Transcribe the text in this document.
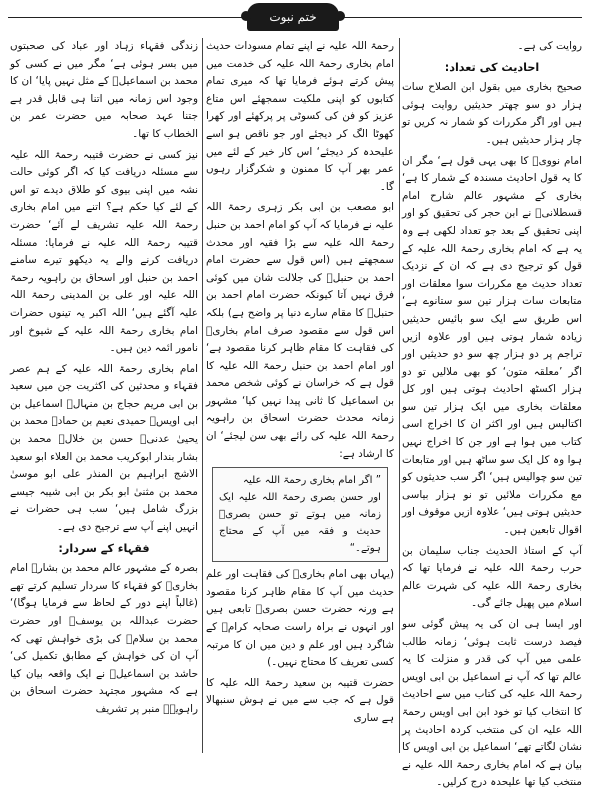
ختم نبوت

روایت کی ہے۔

احادیث کی تعداد:

صحیح بخاری میں بقول ابن الصلاح سات ہزار دو سو چھتر حدیثیں روایت ہوئی ہیں اور اگر مکررات کو شمار نہ کریں تو چار ہزار حدیثیں ہیں۔

امام نوویؒ کا بھی یہی قول ہے‘ مگر ان کا یہ قول احادیث مسندہ کے شمار کا ہے‘ بخاری کے مشہور عالم شارح امام قسطلانیؒ نے ابن حجر کی تحقیق کو اور اپنی تحقیق کے بعد جو تعداد لکھی ہے وہ یہ ہے کہ امام بخاری رحمۃ اللہ علیہ کے قول کو ترجیح دی ہے کہ ان کے نزدیک تعداد حدیث مع مکررات سوا معلقات اور متابعات سات ہزار تین سو ستانوے ہے‘ اس طریق سے ایک سو بائیس حدیثیں زیادہ شمار ہوتی ہیں اور علاوہ ازیں تراجم پر دو ہزار چھ سو دو حدیثیں اور اگر ’معلقہ متون‘ کو بھی ملالیں تو دو ہزار اکسٹھ احادیث ہوتی ہیں اور کل معلقات بخاری میں ایک ہزار تین سو اکتالیس ہیں اور اکثر ان کا اخراج اسی کتاب میں ہوا ہے اور جن کا اخراج نہیں ہوا وہ کل ایک سو ساٹھ ہیں اور متابعات تین سو چوالیس ہیں‘ اگر سب حدیثوں کو مع مکررات ملائیں تو نو ہزار بیاسی حدیثیں ہوتی ہیں‘ علاوہ ازیں موقوف اور اقوال تابعین ہیں۔

آپ کے استاذ الحدیث جناب سلیمان بن حرب رحمۃ اللہ علیہ نے فرمایا تھا کہ بخاری رحمۃ اللہ علیہ کی شہرت عالم اسلام میں پھیل جائے گی۔

اور ایسا ہی ان کی یہ پیش گوئی سو فیصد درست ثابت ہوئی‘ زمانہ طالب علمی میں آپ کی قدر و منزلت کا یہ عالم تھا کہ آپ نے اسماعیل بن ابی اویس رحمۃ اللہ علیہ کی کتاب میں سے احادیث کا انتخاب کیا تو خود ابن ابی اویس رحمۃ اللہ علیہ ان کی منتخب کردہ احادیث پر نشان لگاتے تھے‘ اسماعیل بن ابی اویس کا بیان ہے کہ امام بخاری رحمۃ اللہ علیہ نے منتخب کیا تھا علیحدہ درج کرلیں۔

رحمۃ اللہ علیہ نے اپنے تمام مسودات حدیث امام بخاری رحمۃ اللہ علیہ کی خدمت میں پیش کرتے ہوئے فرمایا تھا کہ میری تمام کتابوں کو اپنی ملکیت سمجھئے اس متاع عزیز کو فن کی کسوٹی پر پرکھئے اور کھرا کھوٹا الگ کر دیجئے اور جو ناقص ہو اسے علیحدہ کر دیجئے‘ اس کار خیر کے لئے میں عمر بھر آپ کا ممنون و شکرگزار رہوں گا۔

ابو مصعب بن ابی بکر زہری رحمۃ اللہ علیہ نے فرمایا کہ آپ کو امام احمد بن حنبل رحمۃ اللہ علیہ سے بڑا فقیہ اور محدث سمجھتے ہیں (اس قول سے حضرت امام احمد بن حنبلؒ کی جلالت شان میں کوئی فرق نہیں آتا کیونکہ حضرت امام احمد بن حنبلؒ کا مقام سارے دنیا پر واضح ہے) بلکہ اس قول سے مقصود صرف امام بخاریؒ کی فقاہت کا مقام ظاہر کرنا مقصود ہے‘ اور امام احمد بن حنبل رحمۃ اللہ علیہ کا قول ہے کہ خراسان نے کوئی شخص محمد بن اسماعیل کا ثانی پیدا نہیں کیا‘ مشہور زمانہ محدث حضرت اسحاق بن راہویہ رحمۃ اللہ علیہ کی رائے بھی سن لیجئے‘ ان کا ارشاد ہے:

” اگر امام بخاری رحمۃ اللہ علیہ
اور حسن بصری رحمۃ اللہ علیہ ایک زمانہ میں ہوتے تو حسن بصریؒ حدیث و فقہ میں آپ کے محتاج ہوتے۔“

(یہاں بھی امام بخاریؒ کی فقاہت اور علم حدیث میں آپ کا مقام ظاہر کرنا مقصود ہے ورنہ حضرت حسن بصریؒ تابعی ہیں اور انہوں نے براہ راست صحابہ کرامؓ کے شاگرد ہیں اور علم و دین میں ان کا مرتبہ کسی تعریف کا محتاج نہیں۔)

حضرت قتیبہ بن سعید رحمۃ اللہ علیہ کا قول ہے کہ جب سے میں نے ہوش سنبھالا ہے ساری

زندگی فقہاء زہاد اور عباد کی صحبتوں میں بسر ہوئی ہے‘ مگر میں نے کسی کو محمد بن اسماعیلؒ کے مثل نہیں پایا‘ ان کا وجود اس زمانہ میں اتنا ہی قابل قدر ہے جتنا عہد صحابہ میں حضرت عمر بن الخطاب کا تھا۔

نیز کسی نے حضرت قتیبہ رحمۃ اللہ علیہ سے مسئلہ دریافت کیا کہ اگر کوئی حالت نشہ میں اپنی بیوی کو طلاق دیدے تو اس کے لئے کیا حکم ہے؟ اتنے میں امام بخاری رحمۃ اللہ علیہ تشریف لے آئے‘ حضرت قتیبہ رحمۃ اللہ علیہ نے فرمایا: مسئلہ دریافت کرنے والے یہ دیکھو تیرے سامنے احمد بن حنبل اور اسحاق بن راہویہ رحمۃ اللہ علیہ اور علی بن المدینی رحمۃ اللہ علیہ آگئے ہیں‘ اللہ اکبر یہ تینوں حضرات امام بخاری رحمۃ اللہ علیہ کے شیوخ اور نامور ائمہ دین ہیں۔

امام بخاری رحمۃ اللہ علیہ کے ہم عصر فقہاء و محدثین کی اکثریت جن میں سعید بن ابی مریم حجاج بن منہالؒ اسماعیل بن ابی اویسؒ حمیدی نعیم بن حمادؒ محمد بن یحییٰ عدنیؒ حسن بن خلالؒ محمد بن بشار بندار ابوکریب محمد بن العلاء ابو سعید الاشج ابراہیم بن المنذر علی ابو موسیٰ محمد بن مثنیٰ ابو بکر بن ابی شیبہ جیسے بزرگ شامل ہیں‘ سب ہی حضرات نے انہیں اپنے آپ سے ترجیح دی ہے۔

فقہاء کے سردار:

بصرہ کے مشہور عالم محمد بن بشارؒ امام بخاریؒ کو فقہاء کا سردار تسلیم کرتے تھے (غالباً اپنے دور کے لحاظ سے فرمایا ہوگا)‘ حضرت عبداللہ بن یوسفؒ اور حضرت محمد بن سلامؒ کی بڑی خواہش تھی کہ آپ ان کی خواہش کے مطابق تکمیل کی‘ حاشد بن اسماعیلؒ نے ایک واقعہ بیان کیا ہے کہ مشہور مجتہد حضرت اسحاق بن راہویہؒ منبر پر تشریف
